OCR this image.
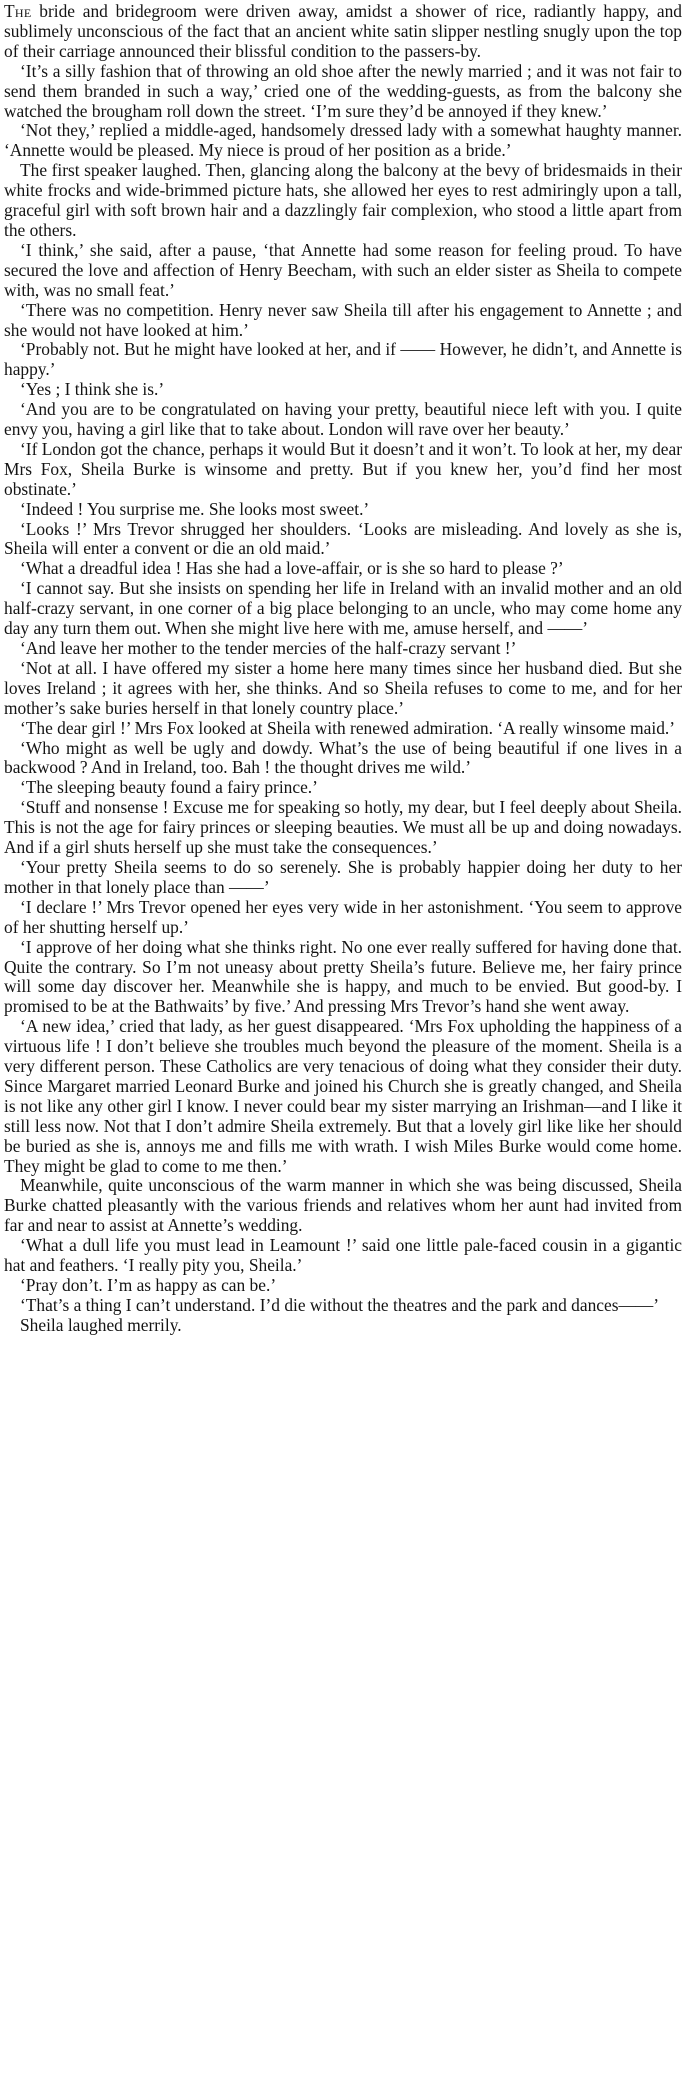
The bride and bridegroom were driven away, amidst a shower of rice, radiantly happy, and sublimely unconscious of the fact that an ancient white satin slipper nestling snugly upon the top of their carriage announced their blissful condition to the passers-by.

‘It’s a silly fashion that of throwing an old shoe after the newly married ; and it was not fair to send them branded in such a way,’ cried one of the wedding-guests, as from the balcony she watched the brougham roll down the street. ‘I’m sure they’d be annoyed if they knew.’

‘Not they,’ replied a middle-aged, handsomely dressed lady with a somewhat haughty manner. ‘Annette would be pleased. My niece is proud of her position as a bride.’

The first speaker laughed. Then, glancing along the balcony at the bevy of bridesmaids in their white frocks and wide-brimmed picture hats, she allowed her eyes to rest admiringly upon a tall, graceful girl with soft brown hair and a dazzlingly fair complexion, who stood a little apart from the others.

‘I think,’ she said, after a pause, ‘that Annette had some reason for feeling proud. To have secured the love and affection of Henry Beecham, with such an elder sister as Sheila to compete with, was no small feat.’

‘There was no competition. Henry never saw Sheila till after his engagement to Annette ; and she would not have looked at him.’

‘Probably not. But he might have looked at her, and if —— However, he didn’t, and Annette is happy.’

‘Yes ; I think she is.’

‘And you are to be congratulated on having your pretty, beautiful niece left with you. I quite envy you, having a girl like that to take about. London will rave over her beauty.’

‘If London got the chance, perhaps it would But it doesn’t and it won’t. To look at her, my dear Mrs Fox, Sheila Burke is winsome and pretty. But if you knew her, you’d find her most obstinate.’

‘Indeed ! You surprise me. She looks most sweet.’

‘Looks !’ Mrs Trevor shrugged her shoulders. ‘Looks are misleading. And lovely as she is, Sheila will enter a convent or die an old maid.’

‘What a dreadful idea ! Has she had a love-affair, or is she so hard to please ?’

‘I cannot say. But she insists on spending her life in Ireland with an invalid mother and an old half-crazy servant, in one corner of a big place belonging to an uncle, who may come home any day any turn them out. When she might live here with me, amuse herself, and ——’

‘And leave her mother to the tender mercies of the half-crazy servant !’

‘Not at all. I have offered my sister a home here many times since her husband died. But she loves Ireland ; it agrees with her, she thinks. And so Sheila refuses to come to me, and for her mother’s sake buries herself in that lonely country place.’

‘The dear girl !’ Mrs Fox looked at Sheila with renewed admiration. ‘A really winsome maid.’

‘Who might as well be ugly and dowdy. What’s the use of being beautiful if one lives in a backwood ? And in Ireland, too. Bah ! the thought drives me wild.’

‘The sleeping beauty found a fairy prince.’

‘Stuff and nonsense ! Excuse me for speaking so hotly, my dear, but I feel deeply about Sheila. This is not the age for fairy princes or sleeping beauties. We must all be up and doing nowadays. And if a girl shuts herself up she must take the consequences.’

‘Your pretty Sheila seems to do so serenely. She is probably happier doing her duty to her mother in that lonely place than ——’

‘I declare !’ Mrs Trevor opened her eyes very wide in her astonishment. ‘You seem to approve of her shutting herself up.’

‘I approve of her doing what she thinks right. No one ever really suffered for having done that. Quite the contrary. So I’m not uneasy about pretty Sheila’s future. Believe me, her fairy prince will some day discover her. Meanwhile she is happy, and much to be envied. But good-by. I promised to be at the Bathwaits’ by five.’ And pressing Mrs Trevor’s hand she went away.

‘A new idea,’ cried that lady, as her guest disappeared. ‘Mrs Fox upholding the happiness of a virtuous life ! I don’t believe she troubles much beyond the pleasure of the moment. Sheila is a very different person. These Catholics are very tenacious of doing what they consider their duty. Since Margaret married Leonard Burke and joined his Church she is greatly changed, and Sheila is not like any other girl I know. I never could bear my sister marrying an Irishman—and I like it still less now. Not that I don’t admire Sheila extremely. But that a lovely girl like like her should be buried as she is, annoys me and fills me with wrath. I wish Miles Burke would come home. They might be glad to come to me then.’

Meanwhile, quite unconscious of the warm manner in which she was being discussed, Sheila Burke chatted pleasantly with the various friends and relatives whom her aunt had invited from far and near to assist at Annette’s wedding.

‘What a dull life you must lead in Leamount !’ said one little pale-faced cousin in a gigantic hat and feathers. ‘I really pity you, Sheila.’

‘Pray don’t. I’m as happy as can be.’

‘That’s a thing I can’t understand. I’d die without the theatres and the park and dances——’

Sheila laughed merrily.
